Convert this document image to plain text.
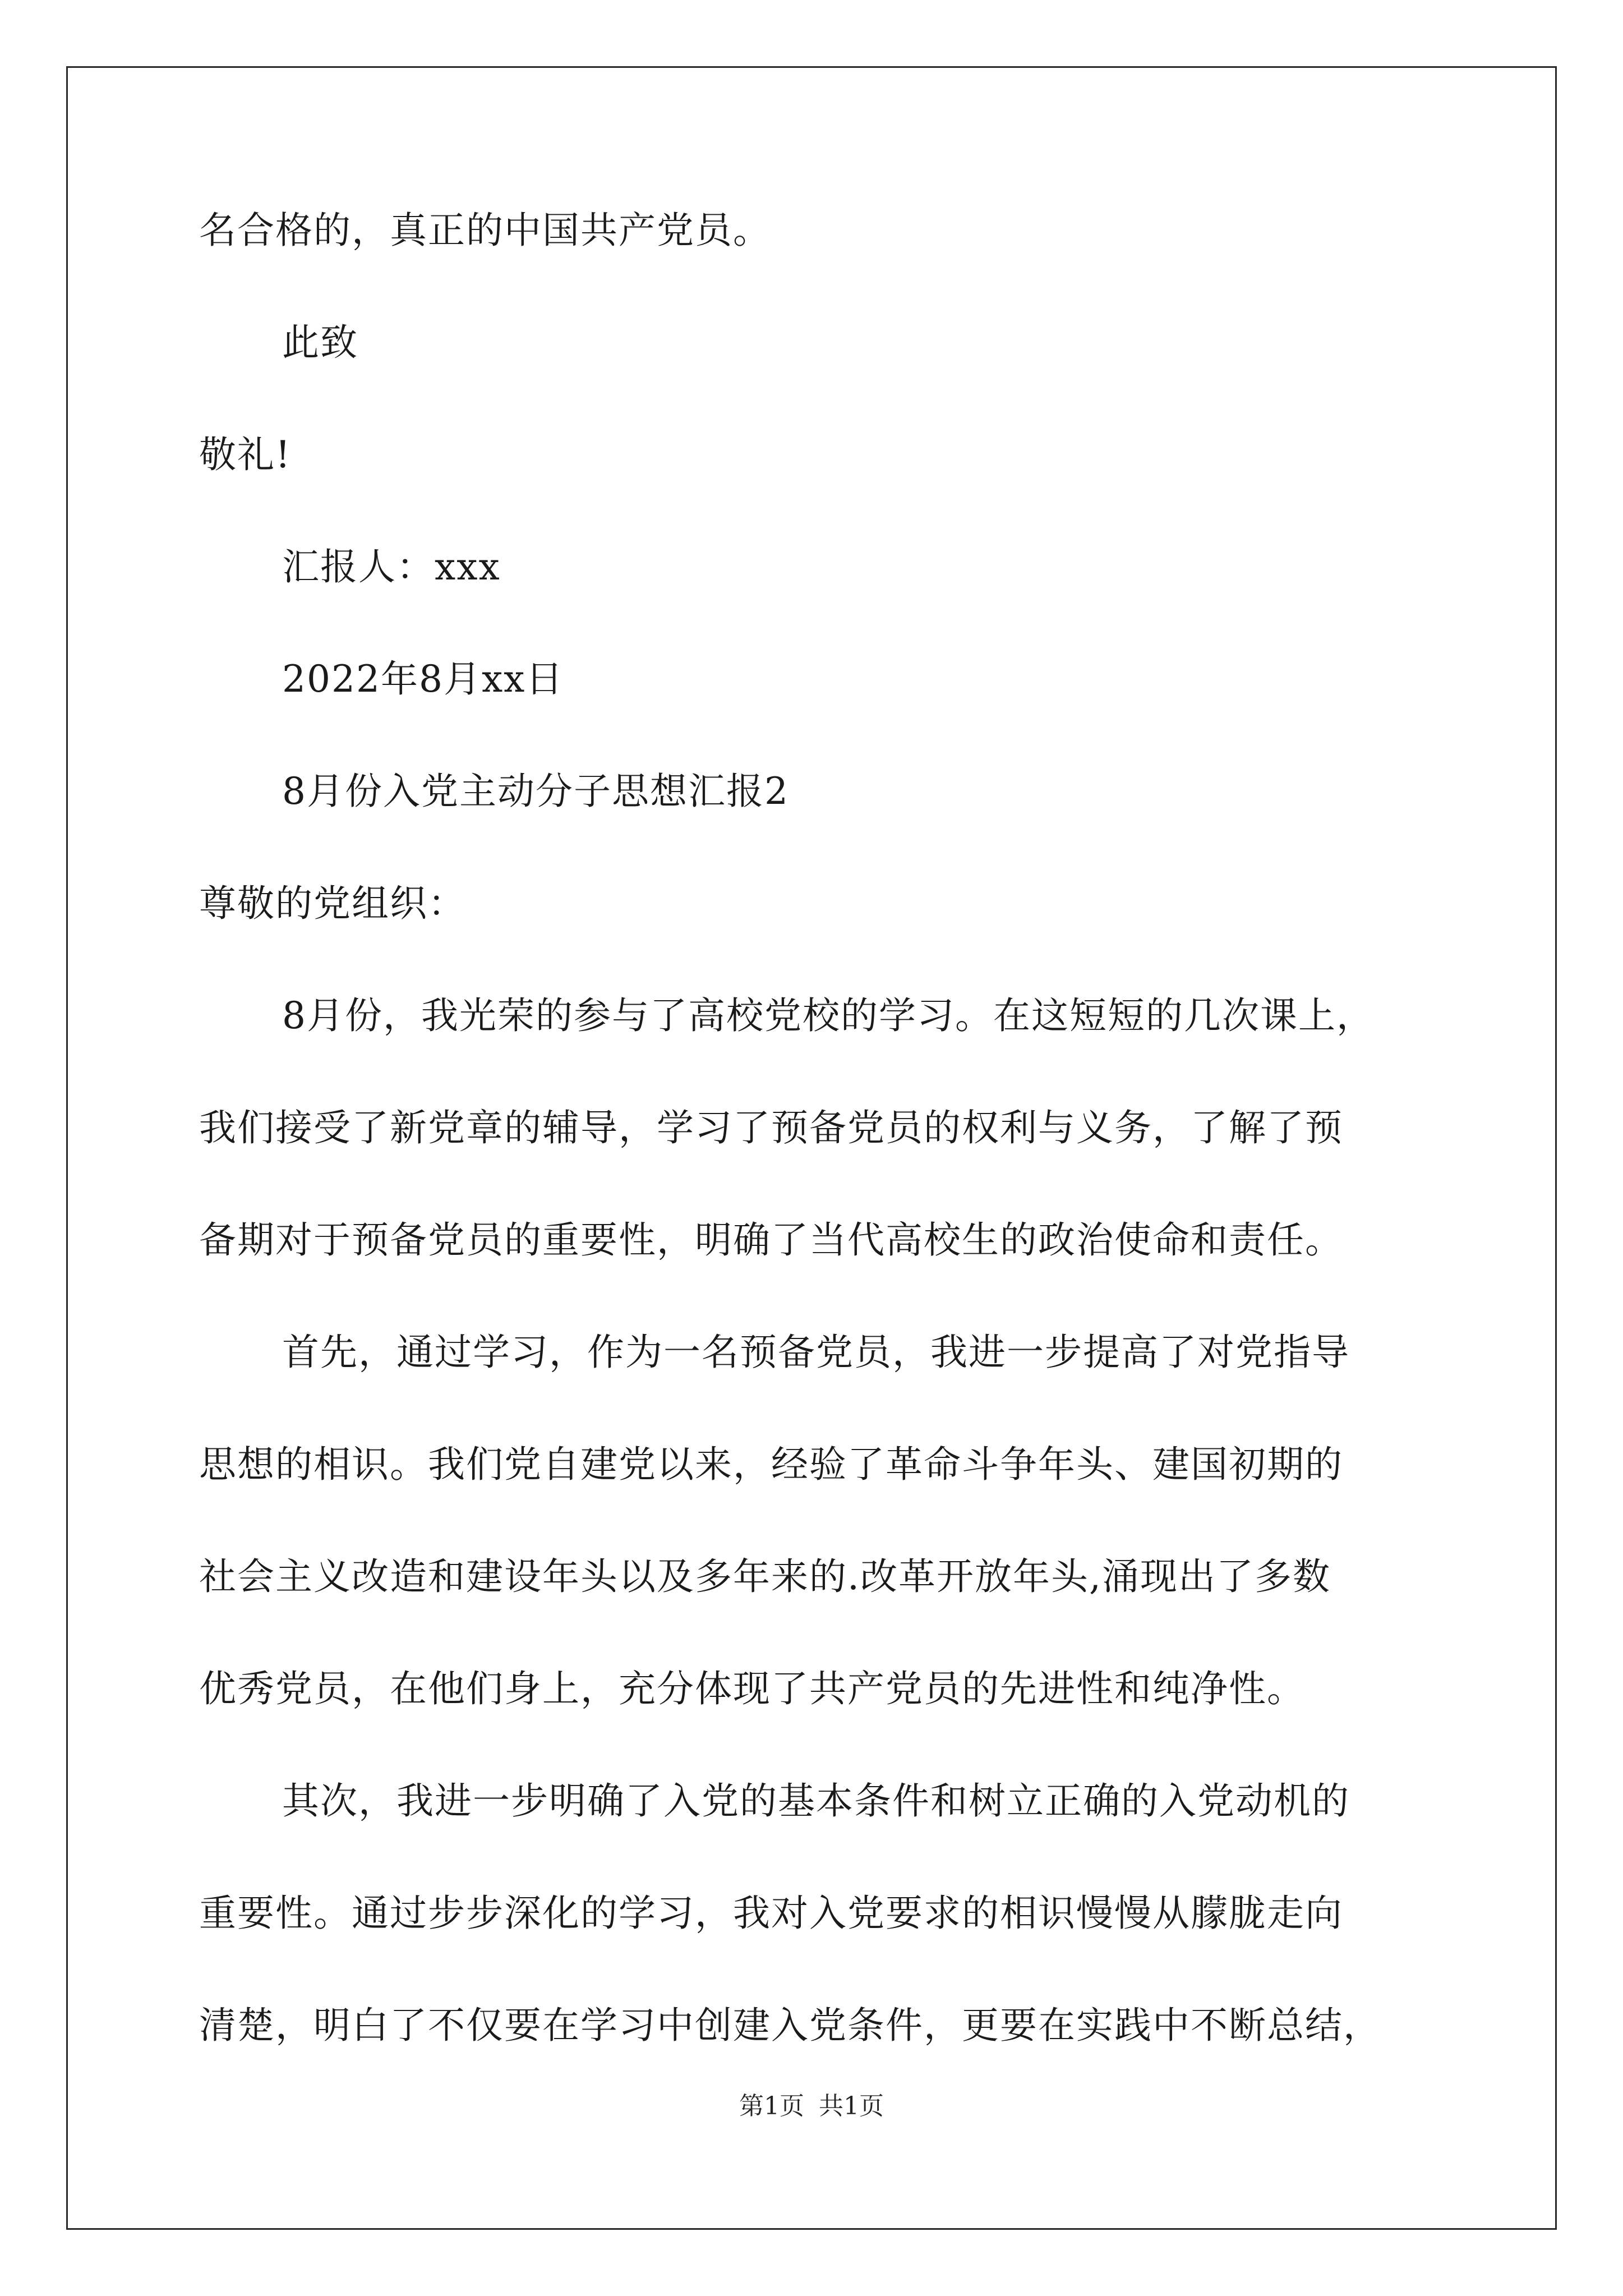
名合格的，真正的中国共产党员。
此致
敬礼!
汇报人：xxx
2022年8月xx日
8月份入党主动分子思想汇报2
尊敬的党组织：
8月份，我光荣的参与了高校党校的学习。在这短短的几次课上，
我们接受了新党章的辅导，学习了预备党员的权利与义务，了解了预
备期对于预备党员的重要性，明确了当代高校生的政治使命和责任。
首先，通过学习，作为一名预备党员，我进一步提高了对党指导
思想的相识。我们党自建党以来，经验了革命斗争年头、建国初期的
社会主义改造和建设年头以及多年来的.改革开放年头,涌现出了多数
优秀党员，在他们身上，充分体现了共产党员的先进性和纯净性。
其次，我进一步明确了入党的基本条件和树立正确的入党动机的
重要性。通过步步深化的学习，我对入党要求的相识慢慢从朦胧走向
清楚，明白了不仅要在学习中创建入党条件，更要在实践中不断总结，
第1页 共1页
